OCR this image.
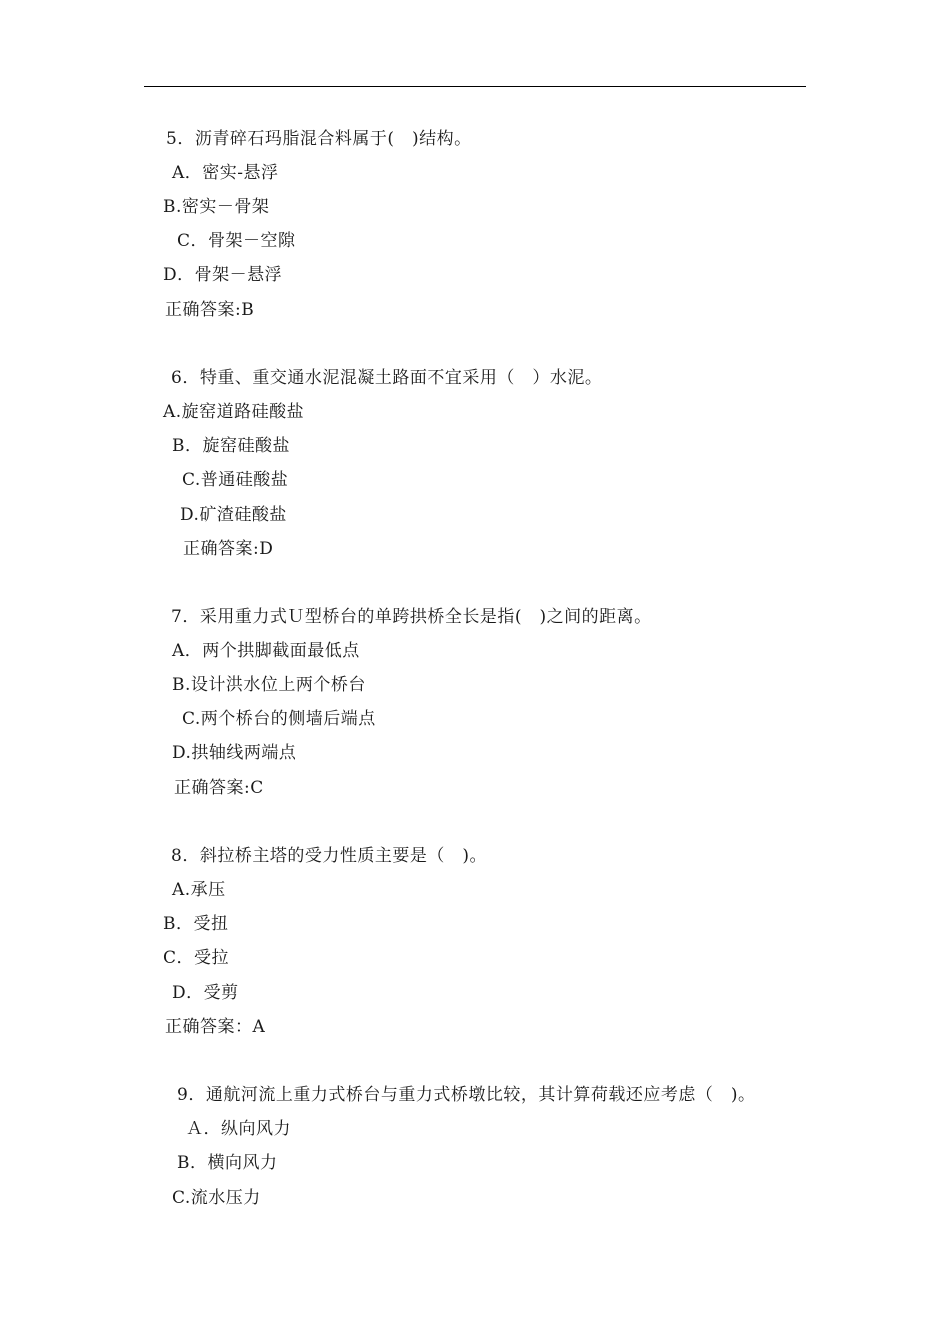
5．沥青碎石玛脂混合料属于(　)结构。
A．密实-悬浮
B.密实－骨架
C．骨架－空隙
D．骨架－悬浮
正确答案:B
6．特重、重交通水泥混凝土路面不宜采用（　）水泥。
A.旋窑道路硅酸盐
B．旋窑硅酸盐
C.普通硅酸盐
D.矿渣硅酸盐
正确答案:D
7．采用重力式Ｕ型桥台的单跨拱桥全长是指(　)之间的距离。
A．两个拱脚截面最低点
B.设计洪水位上两个桥台
C.两个桥台的侧墙后端点
D.拱轴线两端点
正确答案:C
8．斜拉桥主塔的受力性质主要是（　)。
A.承压
B．受扭
C．受拉
D．受剪
正确答案：A
9．通航河流上重力式桥台与重力式桥墩比较，其计算荷载还应考虑（　)。
Ａ．纵向风力
B．横向风力
C.流水压力
